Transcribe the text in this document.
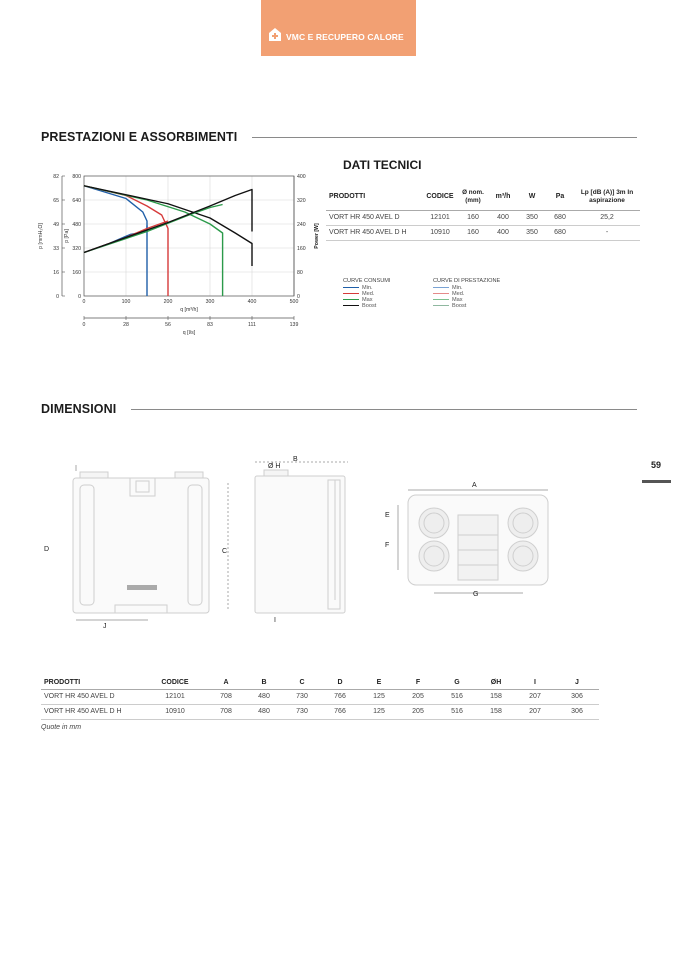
VMC E RECUPERO CALORE
PRESTAZIONI E ASSORBIMENTI
0
160
320
480
640
800
0
16
33
49
65
82
0
80
160
240
320
400
0	100	200	300	400	500
0	28	56	83	111	139
q [m³/h]
q [l/s]
p [mmH₂O]	p [Pa]	Power [W]
DATI TECNICI
PRODOTTI	CODICE	Ø nom. (mm)	m³/h	W	Pa	Lp [dB (A)] 3m In aspirazione
VORT HR 450 AVEL D	12101	160	400	350	680	25,2
VORT HR 450 AVEL D H	10910	160	400	350	680	-
CURVE CONSUMI
Min.
Med.
Max
Boost
CURVE DI PRESTAZIONE
Min.
Med.
Max
Boost
DIMENSIONI
59
D
J
C
B
Ø H
I
A
E
F
G
PRODOTTI	CODICE	A	B	C	D	E	F	G	ØH	I	J
VORT HR 450 AVEL D	12101	708	480	730	766	125	205	516	158	207	306
VORT HR 450 AVEL D H	10910	708	480	730	766	125	205	516	158	207	306
Quote in mm
